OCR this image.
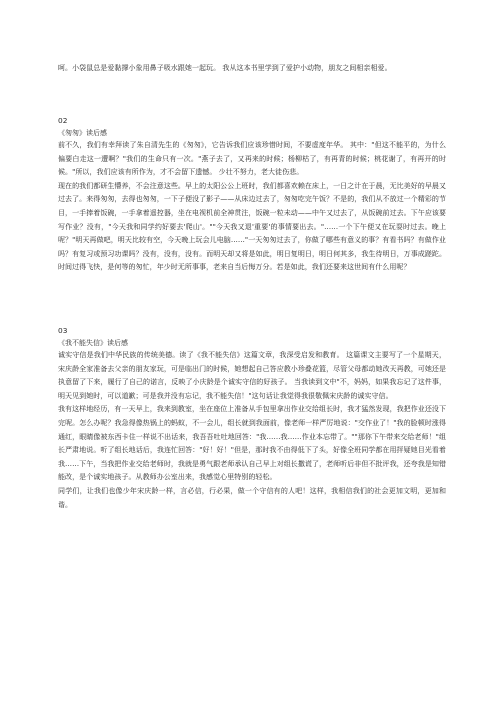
呵。小袋鼠总是爱黏撑小象用鼻子吸水跟她一起玩。 我从这本书里学到了爱护小动物，朋友之间相亲相爱。

02

《匆匆》读后感

前不久，我们有幸拜读了朱自清先生的《匆匆》，它告诉我们应该珍惜时间，不要虚度年华。 其中："但这不能平的，为什么偏要白走这一遭啊？"我们的生命只有一次。"燕子去了，又再来的时候；杨柳枯了，有再青的时候；桃花谢了，有再开的时候。"所以，我们应该有所作为，才不会留下遗憾。 少壮不努力，老大徒伤悲。

现在的我们都研生懵养，不会注意这些。早上的太阳公公上班时，我们都喜欢赖在床上，一日之计在于晨，无比美好的早晨又过去了。来得匆匆，去得也匆匆，一下子便没了影子——从床边过去了，匆匆吃完午饭？不是的，我们从不放过一个精彩的节目，一手捧着饭碗，一手拿着遥控器，坐在电视机前全神贯注，饭碗一粒未动——中午又过去了，从饭碗前过去。下午应该要写作业？没有，"今天我和同学约好要去'爬山'。""今天我又退'重要'的事情要出去。"……一个下午便又在玩耍时过去。晚上呢？"明天再做吧，明天比较有空，今天晚上玩会儿电脑……"一天匆匆过去了，你做了哪些有意义的事？有看书吗？有做作业吗？有复习或预习功课吗？没有，没有，没有。而明天却又将是如此，明日复明日，明日何其多，我生待明日，万事成蹉跎。 时间过得飞快，是何等的匆忙，年少时无所事事，老来自当后悔万分。若是如此，我们还要来这世间有什么用呢？

03

《我不能失信》读后感

诚实守信是我们中华民族的传统美德。读了《我不能失信》这篇文章，我深受启发和教育。 这篇课文主要写了一个星期天，宋庆龄全家准备去父亲的朋友家玩，可是临出门的时候，她想起自己答应教小珍叠花篮，尽管父母都动她改天再教，可她还是执意留了下来，履行了自己的诺言，反映了小庆龄是个诚实守信的好孩子。 当我读到文中"不，妈妈，如果我忘记了这件事，明天见到她时，可以道歉；可是我并没有忘记，我不能失信！"这句话让我觉得我很敬佩宋庆龄的诚实守信。

我有这样地经历，有一天早上，我来到教室，坐在座位上准备从手包里拿出作业交给组长时，我才猛然发现，我把作业还没下完呢。怎么办呢？我急得像热锅上的蚂蚁，不一会儿，组长就到我面前，像老师一样严厉地说："交作业了！"我的脸顿时涨得通红，眼睛像被东西卡住一样说不出话来，我吾吾吐吐地回答："我……我……作业本忘带了。""那你下午带来交给老师！"组长严肃地说。听了组长地话后，我连忙回答："好！好！"但是，那时我不由得低下了头，好像全班同学都在用抨疑她目光看着我……下午，当我把作业交给老师时，我就是勇气跟老师承认自己早上对组长撒谎了，老师听后非但不批评我，还夸我是知错能改，是个诚实地孩子。从教师办公室出来，我感觉心里特别的轻松。

同学们，让我们也像少年宋庆龄一样，言必信，行必果，做一个守信有的人吧！这样，我相信我们的社会更加文明，更加和谐。
